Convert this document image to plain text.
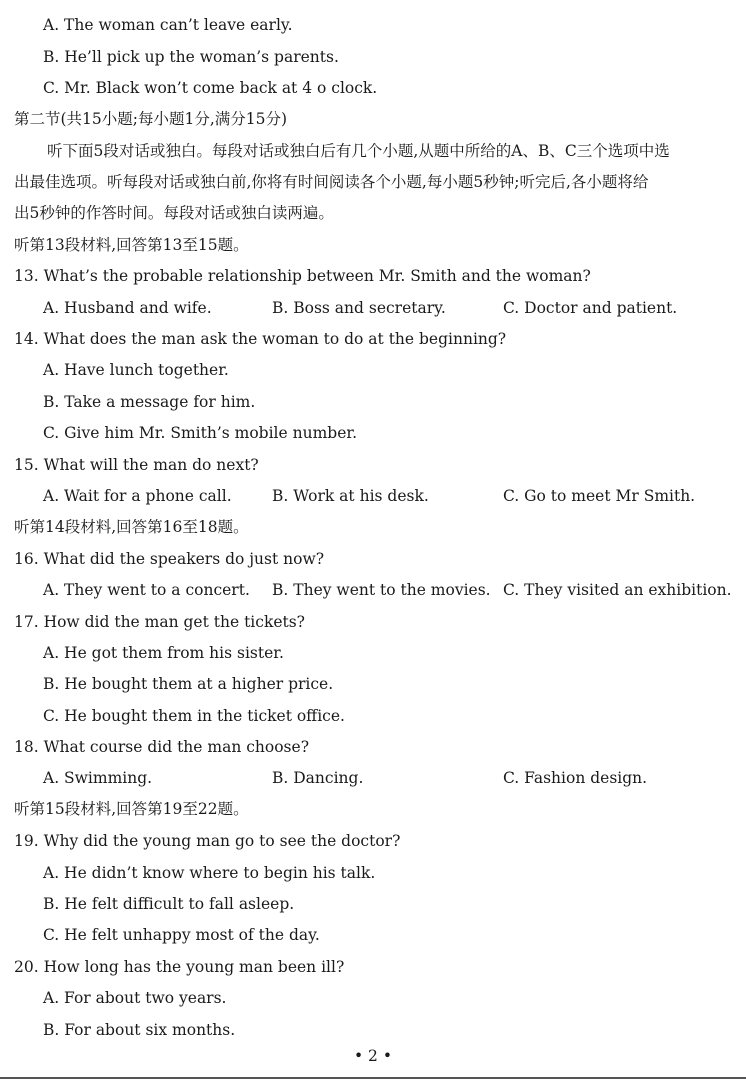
A. The woman can’t leave early.
B. He’ll pick up the woman’s parents.
C. Mr. Black won’t come back at 4 o clock.
第二节(共15小题;每小题1分,满分15分)
听下面5段对话或独白。每段对话或独白后有几个小题,从题中所给的A、B、C三个选项中选
出最佳选项。听每段对话或独白前,你将有时间阅读各个小题,每小题5秒钟;听完后,各小题将给
出5秒钟的作答时间。每段对话或独白读两遍。
听第13段材料,回答第13至15题。
13. What’s the probable relationship between Mr. Smith and the woman?
A. Husband and wife.	B. Boss and secretary.	C. Doctor and patient.
14. What does the man ask the woman to do at the beginning?
A. Have lunch together.
B. Take a message for him.
C. Give him Mr. Smith’s mobile number.
15. What will the man do next?
A. Wait for a phone call.	B. Work at his desk.	C. Go to meet Mr Smith.
听第14段材料,回答第16至18题。
16. What did the speakers do just now?
A. They went to a concert. B. They went to the movies. C. They visited an exhibition.
17. How did the man get the tickets?
A. He got them from his sister.
B. He bought them at a higher price.
C. He bought them in the ticket office.
18. What course did the man choose?
A. Swimming.	B. Dancing.	C. Fashion design.
听第15段材料,回答第19至22题。
19. Why did the young man go to see the doctor?
A. He didn’t know where to begin his talk.
B. He felt difficult to fall asleep.
C. He felt unhappy most of the day.
20. How long has the young man been ill?
A. For about two years.
B. For about six months.
• 2 •
